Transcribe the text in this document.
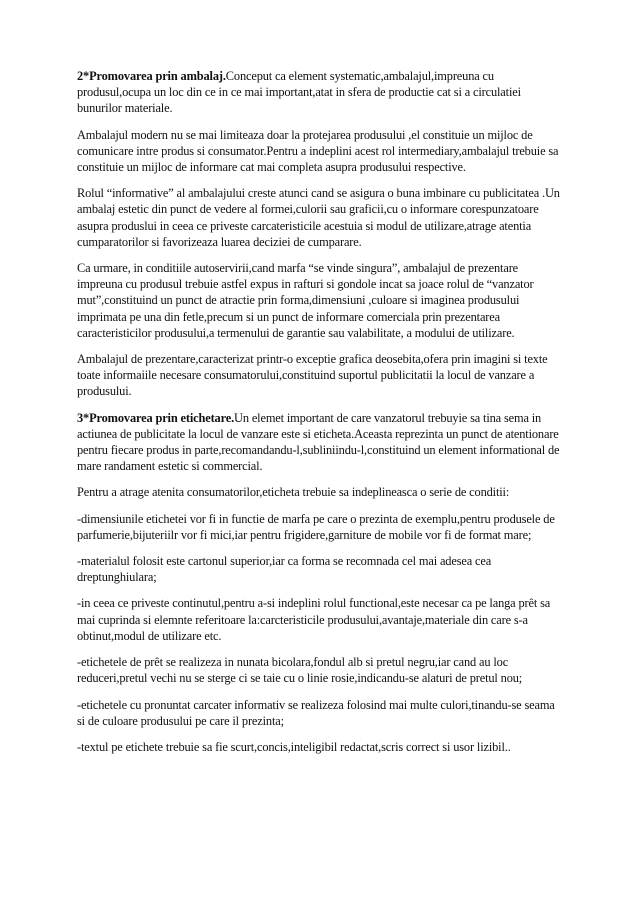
2*Promovarea prin ambalaj.Conceput ca element systematic,ambalajul,impreuna cu produsul,ocupa un loc din ce in ce mai important,atat in sfera de productie cat si a circulatiei bunurilor materiale.

Ambalajul modern nu se mai limiteaza doar la protejarea produsului ,el constituie un mijloc de comunicare intre produs si consumator.Pentru a indeplini acest rol intermediary,ambalajul trebuie sa constituie un mijloc de informare cat mai completa asupra produsului respective.

Rolul “informative” al ambalajului creste atunci cand se asigura o buna imbinare cu publicitatea .Un ambalaj estetic din punct de vedere al formei,culorii sau graficii,cu o informare corespunzatoare asupra produslui in ceea ce priveste carcateristicile acestuia si modul de utilizare,atrage atentia cumparatorilor si favorizeaza luarea deciziei de cumparare.

Ca urmare, in conditiile autoservirii,cand marfa “se vinde singura”, ambalajul de prezentare impreuna cu produsul trebuie astfel expus in rafturi si gondole incat sa joace rolul de “vanzator mut”,constituind un punct de atractie prin forma,dimensiuni ,culoare si imaginea produsului imprimata pe una din fetle,precum si un punct de informare comerciala prin prezentarea caracteristicilor produsului,a termenului de garantie sau valabilitate, a modului de utilizare.

Ambalajul de prezentare,caracterizat printr-o exceptie grafica deosebita,ofera prin imagini si texte toate informaiile necesare consumatorului,constituind suportul publicitatii la locul de vanzare a produsului.

3*Promovarea prin etichetare.Un elemet important de care vanzatorul trebuyie sa tina sema in actiunea de publicitate la locul de vanzare este si eticheta.Aceasta reprezinta un punct de atentionare pentru fiecare produs in parte,recomandandu-l,subliniindu-l,constituind un element informational de mare randament estetic si commercial.

Pentru a atrage atenita consumatorilor,eticheta trebuie sa indeplineasca o serie de conditii:

-dimensiunile etichetei vor fi in functie de marfa pe care o prezinta de exemplu,pentru produsele de parfumerie,bijuteriilr vor fi mici,iar pentru frigidere,garniture de mobile vor fi de format mare;

-materialul folosit este cartonul superior,iar ca forma se recomnada cel mai adesea cea dreptunghiulara;

-in ceea ce priveste continutul,pentru a-si indeplini rolul functional,este necesar ca pe langa prêt sa mai cuprinda si elemnte referitoare la:carcteristicile produsului,avantaje,materiale din care s-a obtinut,modul de utilizare etc.

-etichetele de prêt se realizeza in nunata bicolara,fondul alb si pretul negru,iar cand au loc reduceri,pretul vechi nu se sterge ci se taie cu o linie rosie,indicandu-se alaturi de pretul nou;

-etichetele cu pronuntat carcater informativ se realizeza folosind mai multe culori,tinandu-se seama si de culoare produsului pe care il prezinta;

-textul pe etichete trebuie sa fie scurt,concis,inteligibil redactat,scris correct si usor lizibil..
